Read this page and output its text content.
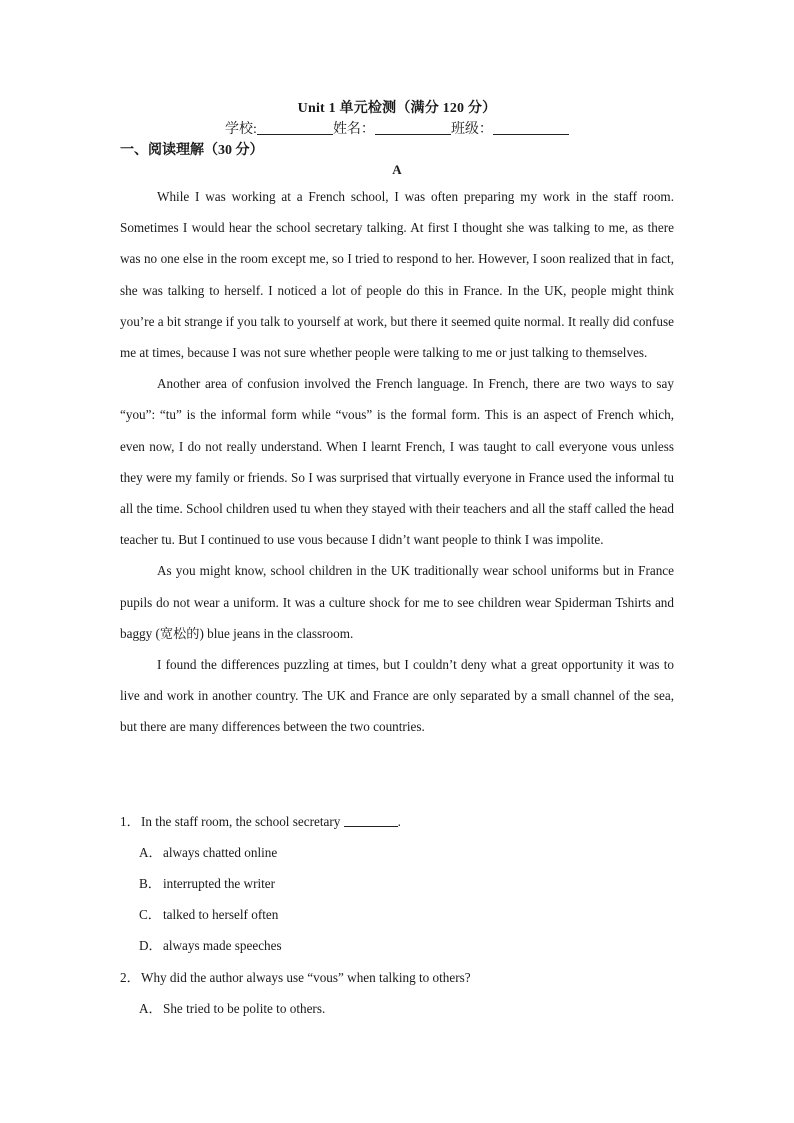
Unit 1 单元检测（满分 120 分）
学校:	姓名：	班级：
一、阅读理解（30 分）
A

While I was working at a French school, I was often preparing my work in the staff room. Sometimes I would hear the school secretary talking. At first I thought she was talking to me, as there was no one else in the room except me, so I tried to respond to her. However, I soon realized that in fact, she was talking to herself. I noticed a lot of people do this in France. In the UK, people might think you’re a bit strange if you talk to yourself at work, but there it seemed quite normal. It really did confuse me at times, because I was not sure whether people were talking to me or just talking to themselves.

Another area of confusion involved the French language. In French, there are two ways to say “you”: “tu” is the informal form while “vous” is the formal form. This is an aspect of French which, even now, I do not really understand. When I learnt French, I was taught to call everyone vous unless they were my family or friends. So I was surprised that virtually everyone in France used the informal tu all the time. School children used tu when they stayed with their teachers and all the staff called the head teacher tu. But I continued to use vous because I didn’t want people to think I was impolite.

As you might know, school children in the UK traditionally wear school uniforms but in France pupils do not wear a uniform. It was a culture shock for me to see children wear Spiderman Tshirts and baggy (宽松的) blue jeans in the classroom.

I found the differences puzzling at times, but I couldn’t deny what a great opportunity it was to live and work in another country. The UK and France are only separated by a small channel of the sea, but there are many differences between the two countries.

1．In the staff room, the school secretary	.
A．always chatted online
B． interrupted the writer
C． talked to herself often
D．always made speeches
2．Why did the author always use “vous” when talking to others?
A．She tried to be polite to others.
